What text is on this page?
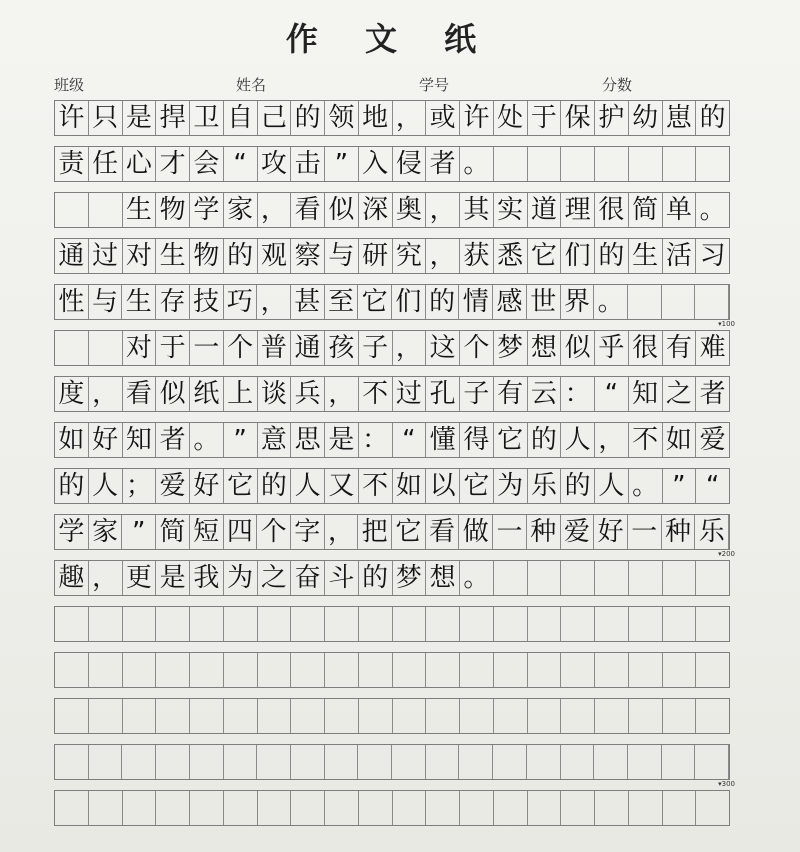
作 文 纸
班级	姓名	学号	分数
许 只 是 捍 卫 自 己 的 领 地 ， 或 许 处 于 保 护 幼 崽 的
责 任 心 才 会 “ 攻 击 ” 入 侵 者 。
生 物 学 家 ， 看 似 深 奥 ， 其 实 道 理 很 简 单 。
通 过 对 生 物 的 观 察 与 研 究 ， 获 悉 它 们 的 生 活 习
性 与 生 存 技 巧 ， 甚 至 它 们 的 情 感 世 界 。
▾100
对 于 一 个 普 通 孩 子 ， 这 个 梦 想 似 乎 很 有 难
度 ， 看 似 纸 上 谈 兵 ， 不 过 孔 子 有 云 ： “ 知 之 者
如 好 知 者 。 ” 意 思 是 ： “ 懂 得 它 的 人 ， 不 如 爱
的 人 ； 爱 好 它 的 人 又 不 如 以 它 为 乐 的 人 。 ” “
学 家 ” 简 短 四 个 字 ， 把 它 看 做 一 种 爱 好 一 种 乐
▾200
趣 ， 更 是 我 为 之 奋 斗 的 梦 想 。
▾300
